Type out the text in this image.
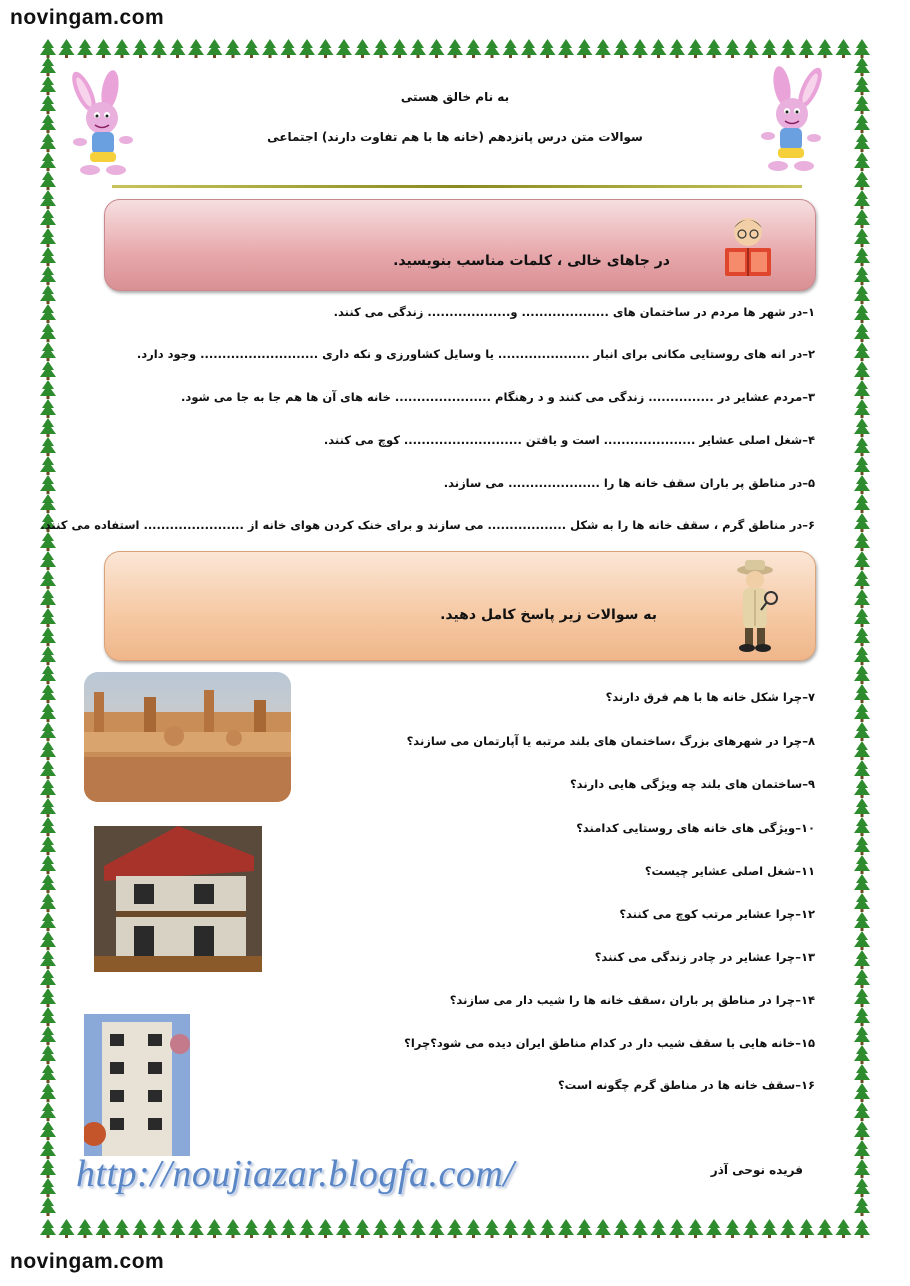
novingam.com
novingam.com
به نام خالق هستی
سوالات متن درس پانزدهم (خانه ها با هم تفاوت دارند) اجتماعی
در جاهای خالی ، کلمات مناسب بنویسید.
۱–در شهر ها مردم در ساختمان های .................... و................... زندگی می کنند.
۲–در انه های روستایی مکانی برای انبار ..................... یا وسایل کشاورزی و نکه داری ........................... وجود دارد.
۳–مردم عشایر در ............... زندگی می کنند و د رهنگام ...................... خانه های آن ها هم جا به جا می شود.
۴–شغل اصلی عشایر ..................... است و یافتن ........................... کوچ می کنند.
۵–در مناطق پر باران سقف خانه ها را ..................... می سازند.
۶–در مناطق گرم ، سقف خانه ها را به شکل .................. می سازند و برای خنک کردن هوای خانه از ....................... استفاده می کنند.
به سوالات زیر پاسخ کامل دهید.
۷–چرا شکل خانه ها با هم فرق دارند؟
۸–چرا در شهرهای بزرگ ،ساختمان های بلند مرتبه یا آپارتمان می سازند؟
۹–ساختمان های بلند چه ویژگی هایی دارند؟
۱۰–ویژگی های خانه های روستایی کدامند؟
۱۱–شغل اصلی عشایر چیست؟
۱۲–چرا عشایر مرتب کوچ می کنند؟
۱۳–چرا عشایر در چادر زندگی می کنند؟
۱۴–چرا در مناطق پر باران ،سقف خانه ها را شیب دار می سازند؟
۱۵–خانه هایی با سقف شیب دار در کدام مناطق ایران دیده می شود؟چرا؟
۱۶–سقف خانه ها در مناطق گرم چگونه است؟
http://noujiazar.blogfa.com/	فریده نوحی آذر
